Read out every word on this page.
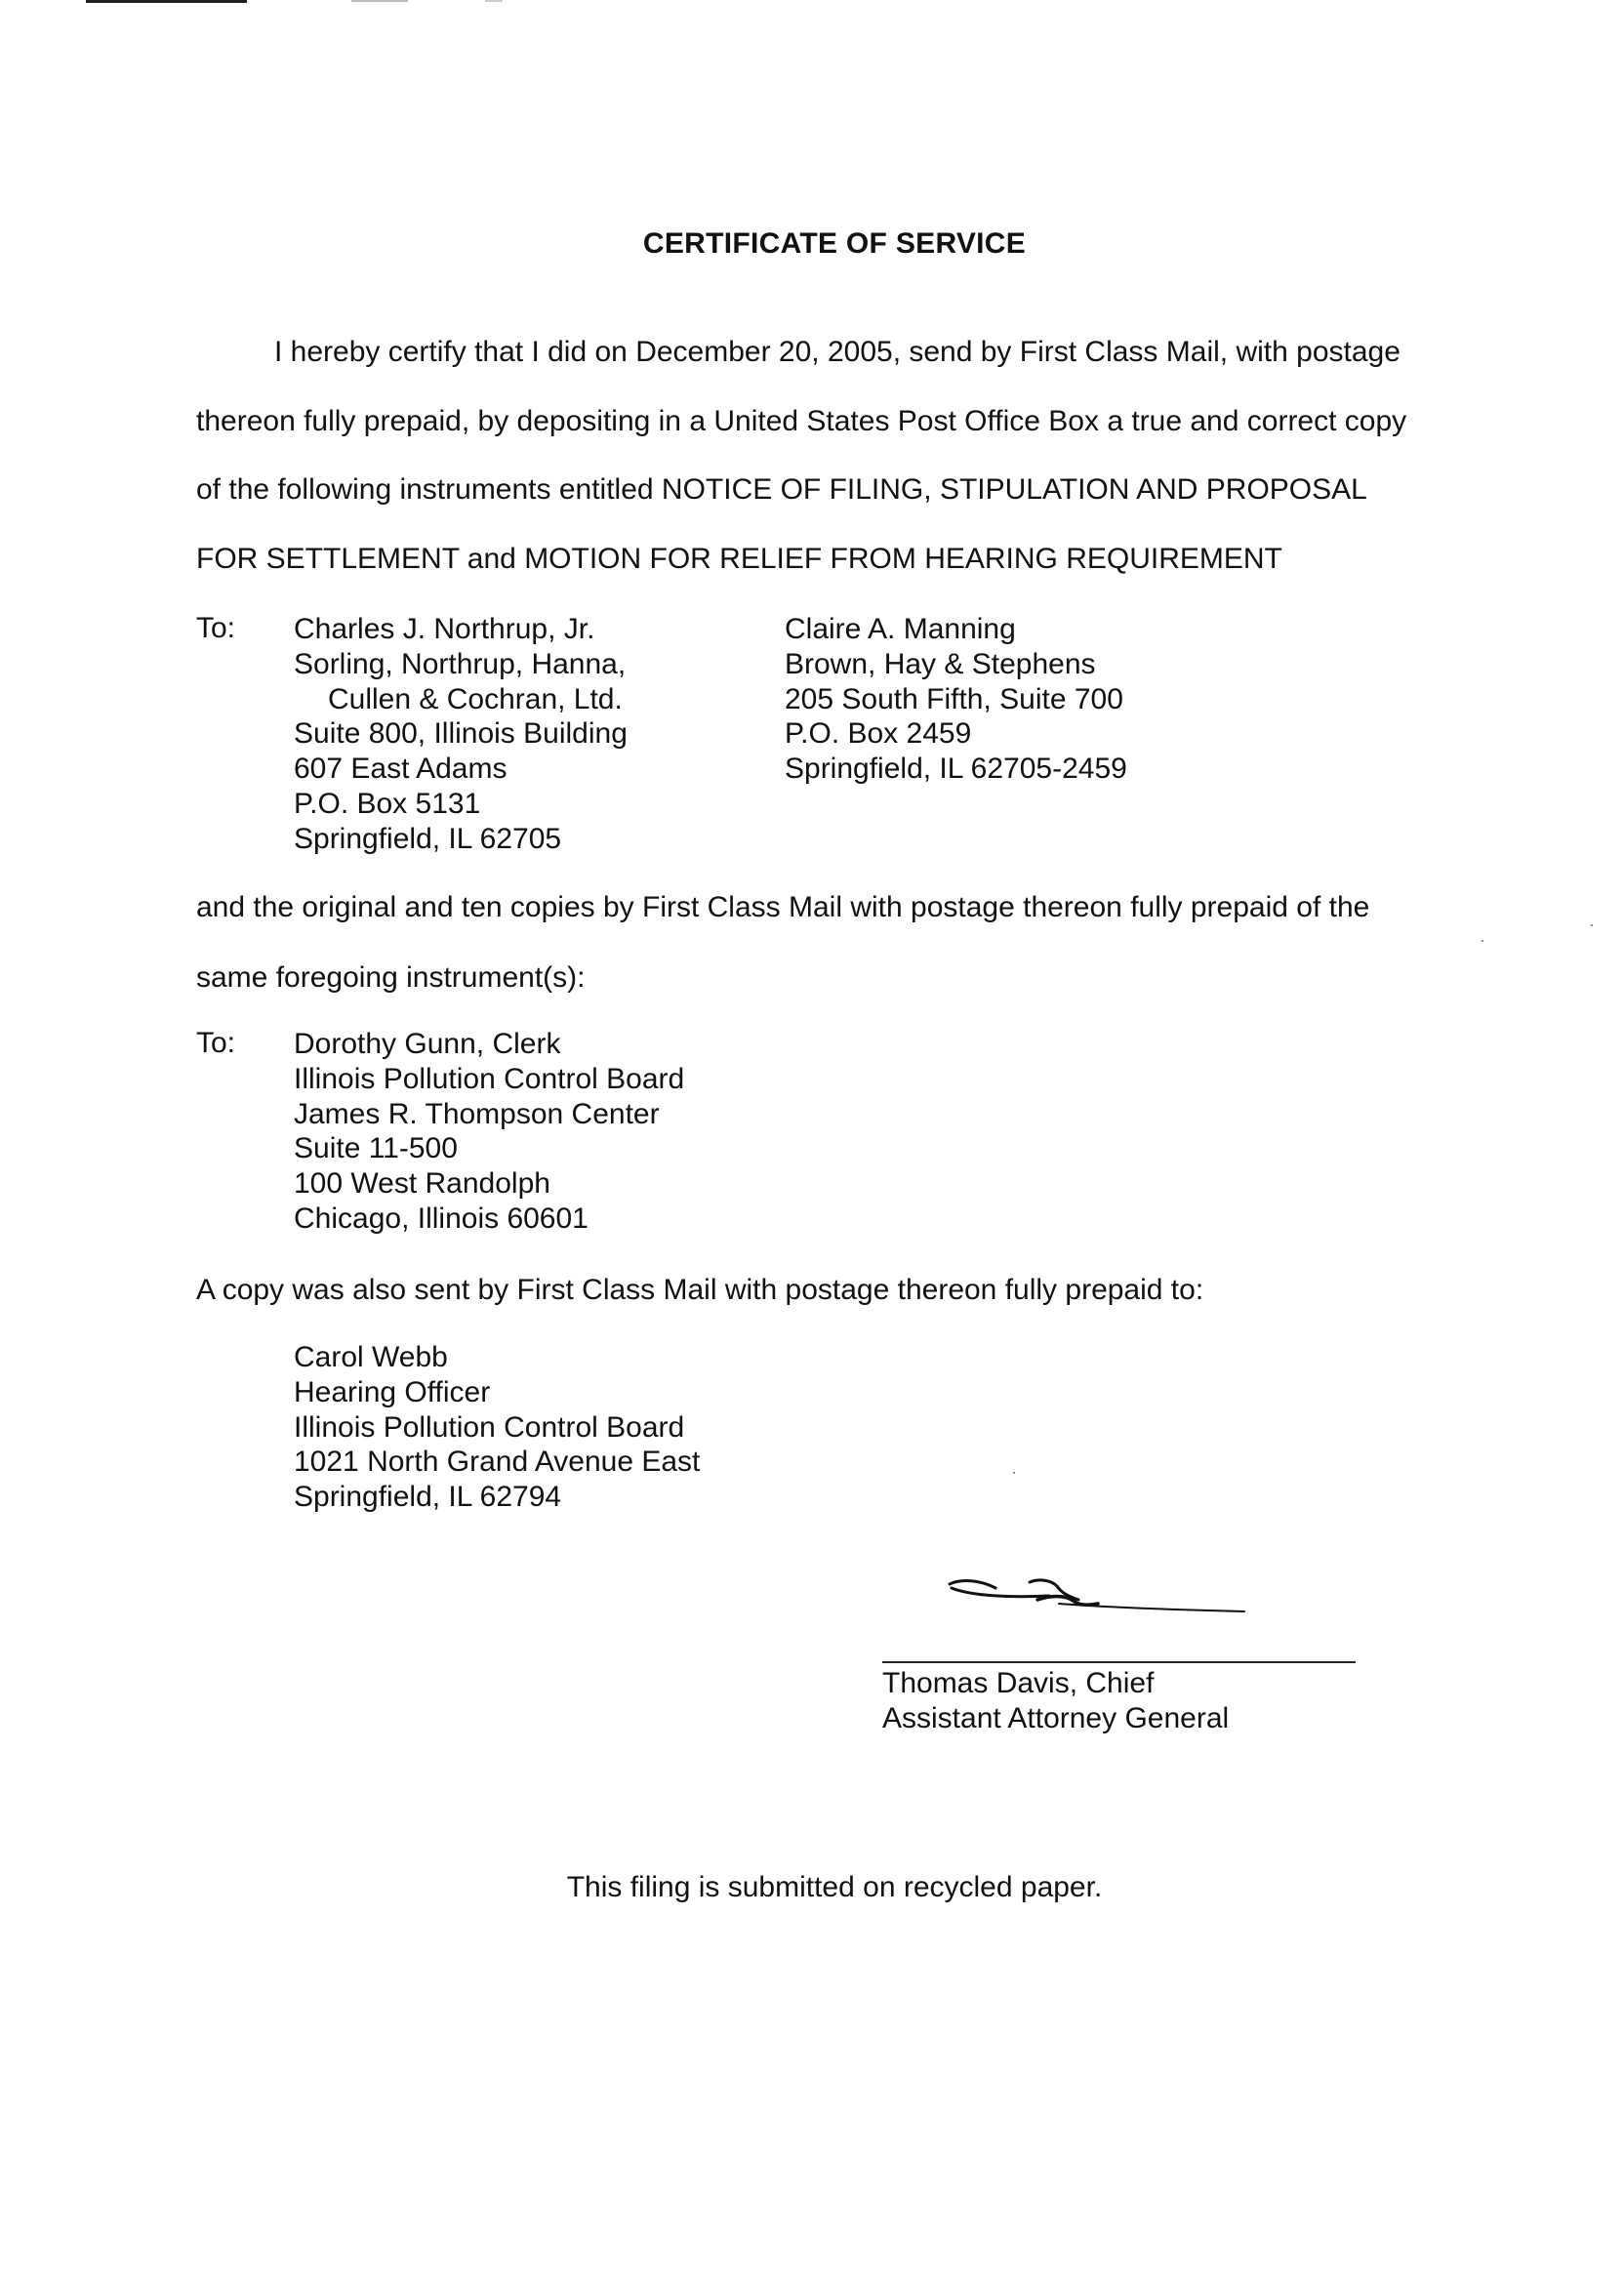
CERTIFICATE OF SERVICE
I hereby certify that I did on December 20, 2005, send by First Class Mail, with postage
thereon fully prepaid, by depositing in a United States Post Office Box a true and correct copy
of the following instruments entitled NOTICE OF FILING, STIPULATION AND PROPOSAL
FOR SETTLEMENT and MOTION FOR RELIEF FROM HEARING REQUIREMENT
To: Charles J. Northrup, Jr.
Sorling, Northrup, Hanna,
Cullen & Cochran, Ltd.
Suite 800, Illinois Building
607 East Adams
P.O. Box 5131
Springfield, IL 62705
Claire A. Manning
Brown, Hay & Stephens
205 South Fifth, Suite 700
P.O. Box 2459
Springfield, IL 62705-2459
and the original and ten copies by First Class Mail with postage thereon fully prepaid of the
same foregoing instrument(s):
To: Dorothy Gunn, Clerk
Illinois Pollution Control Board
James R. Thompson Center
Suite 11-500
100 West Randolph
Chicago, Illinois 60601
A copy was also sent by First Class Mail with postage thereon fully prepaid to:
Carol Webb
Hearing Officer
Illinois Pollution Control Board
1021 North Grand Avenue East
Springfield, IL 62794
Thomas Davis, Chief
Assistant Attorney General
This filing is submitted on recycled paper.
